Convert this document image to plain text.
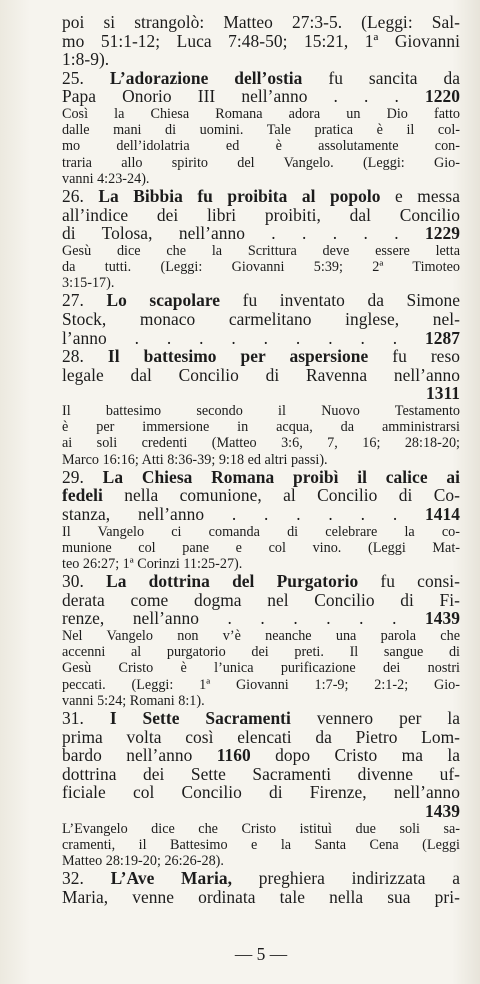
poi si strangolò: Matteo 27:3-5. (Leggi: Sal-
mo 51:1-12; Luca 7:48-50; 15:21, 1ª Giovanni
1:8-9).
25. L’adorazione dell’ostia fu sancita da
Papa Onorio III nell’anno . . . 1220
Così la Chiesa Romana adora un Dio fatto
dalle mani di uomini. Tale pratica è il col-
mo dell’idolatria ed è assolutamente con-
traria allo spirito del Vangelo. (Leggi: Gio-
vanni 4:23-24).
26. La Bibbia fu proibita al popolo e messa
all’indice dei libri proibiti, dal Concilio
di Tolosa, nell’anno . . . . . 1229
Gesù dice che la Scrittura deve essere letta
da tutti. (Leggi: Giovanni 5:39; 2ª Timoteo
3:15-17).
27. Lo scapolare fu inventato da Simone
Stock, monaco carmelitano inglese, nel-
l’anno . . . . . . . . . 1287
28. Il battesimo per aspersione fu reso
legale dal Concilio di Ravenna nell’anno
1311
Il battesimo secondo il Nuovo Testamento
è per immersione in acqua, da amministrarsi
ai soli credenti (Matteo 3:6, 7, 16; 28:18-20;
Marco 16:16; Atti 8:36-39; 9:18 ed altri passi).
29. La Chiesa Romana proibì il calice ai
fedeli nella comunione, al Concilio di Co-
stanza, nell’anno . . . . . . 1414
Il Vangelo ci comanda di celebrare la co-
munione col pane e col vino. (Leggi Mat-
teo 26:27; 1ª Corinzi 11:25-27).
30. La dottrina del Purgatorio fu consi-
derata come dogma nel Concilio di Fi-
renze, nell’anno . . . . . . 1439
Nel Vangelo non v’è neanche una parola che
accenni al purgatorio dei preti. Il sangue di
Gesù Cristo è l’unica purificazione dei nostri
peccati. (Leggi: 1ª Giovanni 1:7-9; 2:1-2; Gio-
vanni 5:24; Romani 8:1).
31. I Sette Sacramenti vennero per la
prima volta così elencati da Pietro Lom-
bardo nell’anno 1160 dopo Cristo ma la
dottrina dei Sette Sacramenti divenne uf-
ficiale col Concilio di Firenze, nell’anno
1439
L’Evangelo dice che Cristo istituì due soli sa-
cramenti, il Battesimo e la Santa Cena (Leggi
Matteo 28:19-20; 26:26-28).
32. L’Ave Maria, preghiera indirizzata a
Maria, venne ordinata tale nella sua pri-
— 5 —
